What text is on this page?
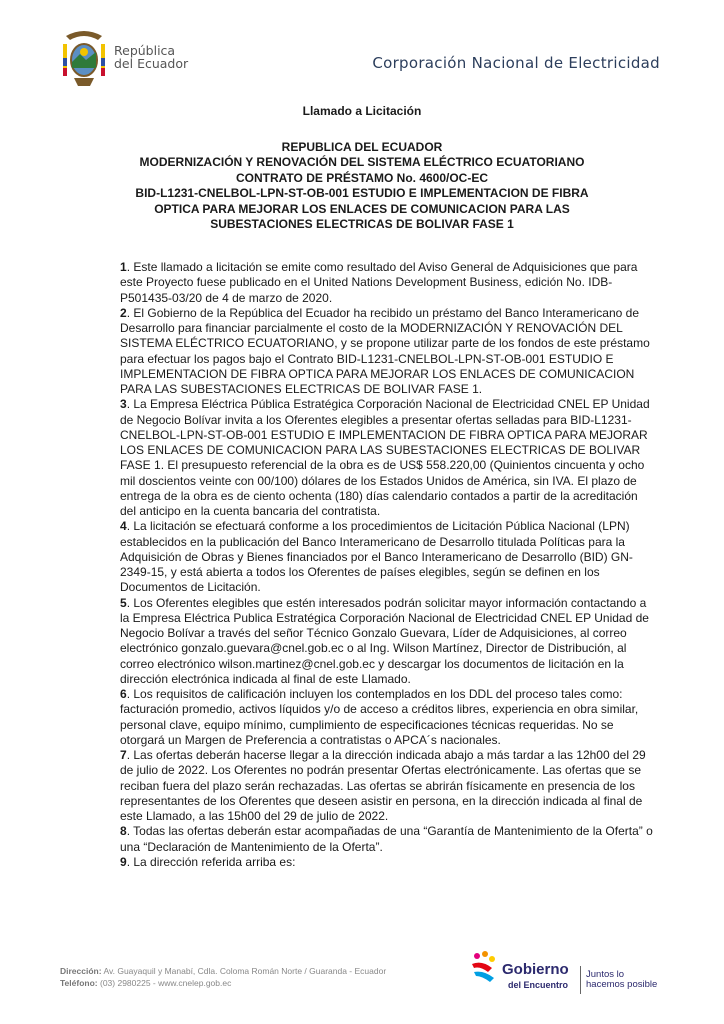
República
del Ecuador	Corporación Nacional de Electricidad
Llamado a Licitación
REPUBLICA DEL ECUADOR
MODERNIZACIÓN Y RENOVACIÓN DEL SISTEMA ELÉCTRICO ECUATORIANO
CONTRATO DE PRÉSTAMO No. 4600/OC-EC
BID-L1231-CNELBOL-LPN-ST-OB-001 ESTUDIO E IMPLEMENTACION DE FIBRA
OPTICA PARA MEJORAR LOS ENLACES DE COMUNICACION PARA LAS
SUBESTACIONES ELECTRICAS DE BOLIVAR FASE 1

1. Este llamado a licitación se emite como resultado del Aviso General de Adquisiciones que para este Proyecto fuese publicado en el United Nations Development Business, edición No. IDB-P501435-03/20 de 4 de marzo de 2020.

2. El Gobierno de la República del Ecuador ha recibido un préstamo del Banco Interamericano de Desarrollo para financiar parcialmente el costo de la MODERNIZACIÓN Y RENOVACIÓN DEL SISTEMA ELÉCTRICO ECUATORIANO, y se propone utilizar parte de los fondos de este préstamo para efectuar los pagos bajo el Contrato BID-L1231-CNELBOL-LPN-ST-OB-001 ESTUDIO E IMPLEMENTACION DE FIBRA OPTICA PARA MEJORAR LOS ENLACES DE COMUNICACION PARA LAS SUBESTACIONES ELECTRICAS DE BOLIVAR FASE 1.

3. La Empresa Eléctrica Pública Estratégica Corporación Nacional de Electricidad CNEL EP Unidad de Negocio Bolívar invita a los Oferentes elegibles a presentar ofertas selladas para BID-L1231- CNELBOL-LPN-ST-OB-001 ESTUDIO E IMPLEMENTACION DE FIBRA OPTICA PARA MEJORAR LOS ENLACES DE COMUNICACION PARA LAS SUBESTACIONES ELECTRICAS DE BOLIVAR FASE 1. El presupuesto referencial de la obra es de US$ 558.220,00 (Quinientos cincuenta y ocho mil doscientos veinte con 00/100) dólares de los Estados Unidos de América, sin IVA. El plazo de entrega de la obra es de ciento ochenta (180) días calendario contados a partir de la acreditación del anticipo en la cuenta bancaria del contratista.

4. La licitación se efectuará conforme a los procedimientos de Licitación Pública Nacional (LPN) establecidos en la publicación del Banco Interamericano de Desarrollo titulada Políticas para la Adquisición de Obras y Bienes financiados por el Banco Interamericano de Desarrollo (BID) GN-2349-15, y está abierta a todos los Oferentes de países elegibles, según se definen en los Documentos de Licitación.

5. Los Oferentes elegibles que estén interesados podrán solicitar mayor información contactando a la Empresa Eléctrica Publica Estratégica Corporación Nacional de Electricidad CNEL EP Unidad de Negocio Bolívar a través del señor Técnico Gonzalo Guevara, Líder de Adquisiciones, al correo electrónico gonzalo.guevara@cnel.gob.ec o al Ing. Wilson Martínez, Director de Distribución, al correo electrónico wilson.martinez@cnel.gob.ec y descargar los documentos de licitación en la dirección electrónica indicada al final de este Llamado.

6. Los requisitos de calificación incluyen los contemplados en los DDL del proceso tales como: facturación promedio, activos líquidos y/o de acceso a créditos libres, experiencia en obra similar, personal clave, equipo mínimo, cumplimiento de especificaciones técnicas requeridas. No se otorgará un Margen de Preferencia a contratistas o APCA´s nacionales.

7. Las ofertas deberán hacerse llegar a la dirección indicada abajo a más tardar a las 12h00 del 29 de julio de 2022. Los Oferentes no podrán presentar Ofertas electrónicamente. Las ofertas que se reciban fuera del plazo serán rechazadas. Las ofertas se abrirán físicamente en presencia de los representantes de los Oferentes que deseen asistir en persona, en la dirección indicada al final de este Llamado, a las 15h00 del 29 de julio de 2022.

8. Todas las ofertas deberán estar acompañadas de una “Garantía de Mantenimiento de la Oferta” o una “Declaración de Mantenimiento de la Oferta”.

9. La dirección referida arriba es:

Dirección: Av. Guayaquil y Manabí, Cdla. Coloma Román Norte / Guaranda - Ecuador
Teléfono: (03) 2980225 - www.cnelep.gob.ec
Gobierno
del Encuentro
Juntos lo
hacemos posible
